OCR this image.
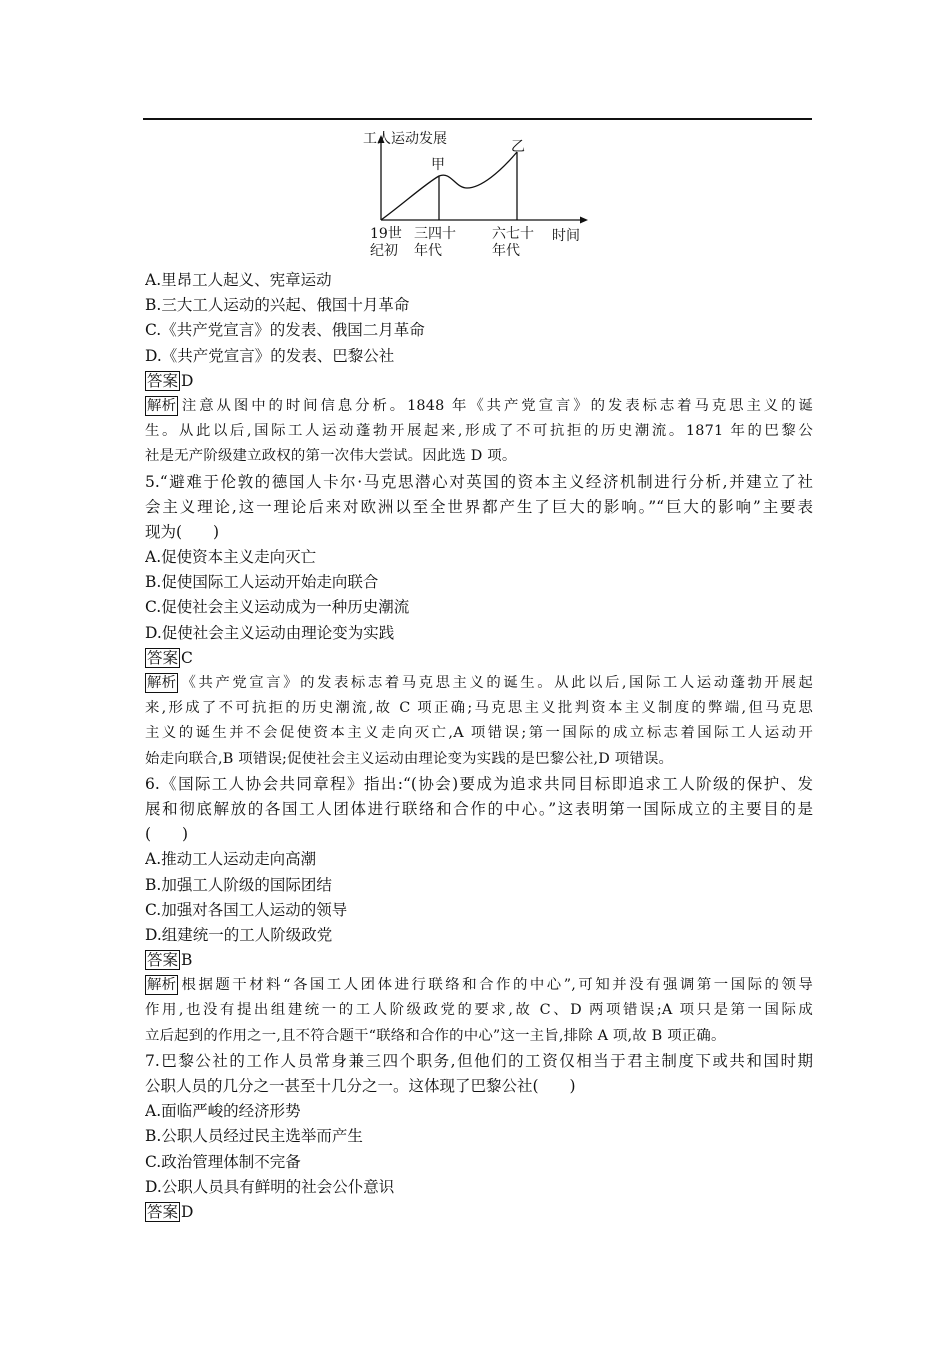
工人运动发展
甲
乙
19世
纪初
三四十
年代
六七十
年代
时间
A.里昂工人起义、宪章运动
B.三大工人运动的兴起、俄国十月革命
C.《共产党宣言》的发表、俄国二月革命
D.《共产党宣言》的发表、巴黎公社
答案 D
解析 注意从图中的时间信息分析。1848 年《共产党宣言》的发表标志着马克思主义的诞
生。从此以后,国际工人运动蓬勃开展起来,形成了不可抗拒的历史潮流。1871 年的巴黎公
社是无产阶级建立政权的第一次伟大尝试。因此选 D 项。
5.“避难于伦敦的德国人卡尔·马克思潜心对英国的资本主义经济机制进行分析,并建立了社
会主义理论,这一理论后来对欧洲以至全世界都产生了巨大的影响。”“巨大的影响”主要表
现为(　　)
A.促使资本主义走向灭亡
B.促使国际工人运动开始走向联合
C.促使社会主义运动成为一种历史潮流
D.促使社会主义运动由理论变为实践
答案 C
解析 《共产党宣言》的发表标志着马克思主义的诞生。从此以后,国际工人运动蓬勃开展起
来,形成了不可抗拒的历史潮流,故 C 项正确;马克思主义批判资本主义制度的弊端,但马克思
主义的诞生并不会促使资本主义走向灭亡,A 项错误;第一国际的成立标志着国际工人运动开
始走向联合,B 项错误;促使社会主义运动由理论变为实践的是巴黎公社,D 项错误。
6.《国际工人协会共同章程》指出:“(协会)要成为追求共同目标即追求工人阶级的保护、发
展和彻底解放的各国工人团体进行联络和合作的中心。”这表明第一国际成立的主要目的是
(　　)
A.推动工人运动走向高潮
B.加强工人阶级的国际团结
C.加强对各国工人运动的领导
D.组建统一的工人阶级政党
答案 B
解析 根据题干材料“各国工人团体进行联络和合作的中心”,可知并没有强调第一国际的领导
作用,也没有提出组建统一的工人阶级政党的要求,故 C、D 两项错误;A 项只是第一国际成
立后起到的作用之一,且不符合题干“联络和合作的中心”这一主旨,排除 A 项,故 B 项正确。
7.巴黎公社的工作人员常身兼三四个职务,但他们的工资仅相当于君主制度下或共和国时期
公职人员的几分之一甚至十几分之一。这体现了巴黎公社(　　)
A.面临严峻的经济形势
B.公职人员经过民主选举而产生
C.政治管理体制不完备
D.公职人员具有鲜明的社会公仆意识
答案 D
